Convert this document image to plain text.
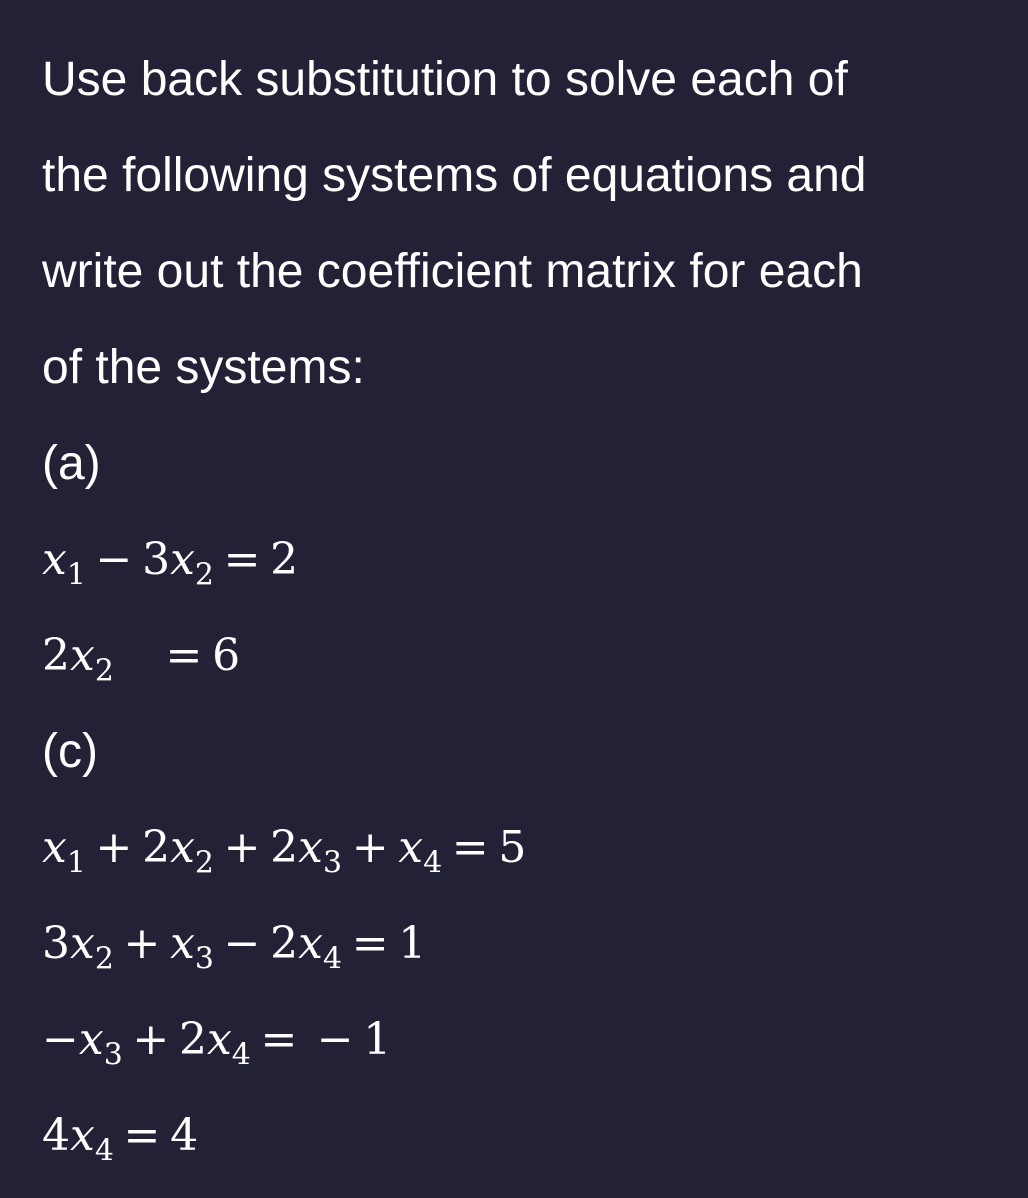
Use back substitution to solve each of
the following systems of equations and
write out the coefficient matrix for each
of the systems:
(a)
$x_1 - 3x_2 = 2$
$2x_2 = 6$
(c)
$x_1 + 2x_2 + 2x_3 + x_4 = 5$
$3x_2 + x_3 - 2x_4 = 1$
$-x_3 + 2x_4$ = − 1
$4x_4 = 4$
